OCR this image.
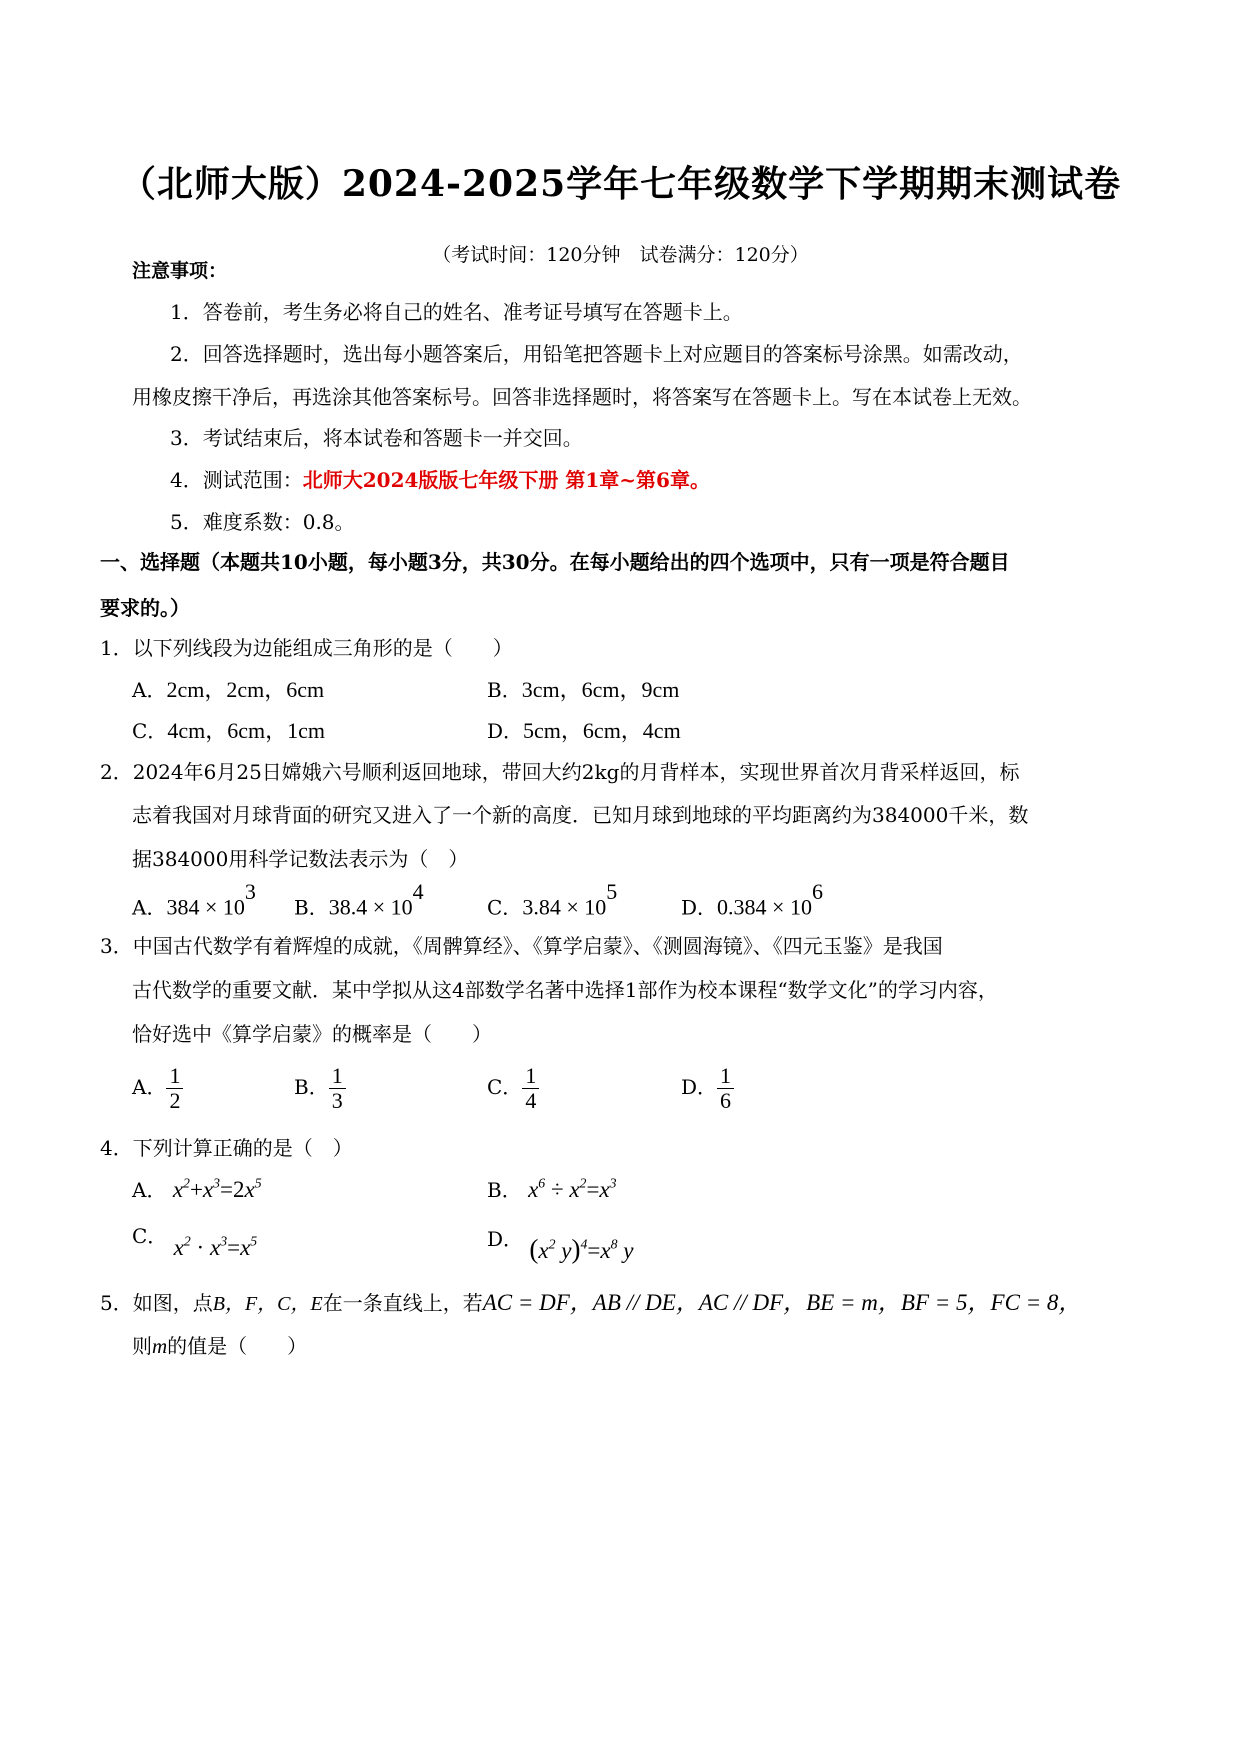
（北师大版）2024-2025学年七年级数学下学期期末测试卷
（考试时间：120分钟　试卷满分：120分）
注意事项：
1．答卷前，考生务必将自己的姓名、准考证号填写在答题卡上。
2．回答选择题时，选出每小题答案后，用铅笔把答题卡上对应题目的答案标号涂黑。如需改动，
用橡皮擦干净后，再选涂其他答案标号。回答非选择题时，将答案写在答题卡上。写在本试卷上无效。
3．考试结束后，将本试卷和答题卡一并交回。
4．测试范围：北师大2024版版七年级下册 第1章~第6章。
5．难度系数：0.8。
一、选择题（本题共10小题，每小题3分，共30分。在每小题给出的四个选项中，只有一项是符合题目
要求的。）
1．以下列线段为边能组成三角形的是（　　）
A．2cm，2cm，6cm	B．3cm，6cm，9cm
C．4cm，6cm，1cm	D．5cm，6cm，4cm
2．2024年6月25日嫦娥六号顺利返回地球，带回大约2kg的月背样本，实现世界首次月背采样返回，标
志着我国对月球背面的研究又进入了一个新的高度．已知月球到地球的平均距离约为384000千米，数
据384000用科学记数法表示为（　）
A．$384 \times 10^3$
B．$38.4 \times 10^4$
C．$3.84 \times 10^5$
D．$0.384 \times 10^6$
3．中国古代数学有着辉煌的成就，《周髀算经》、《算学启蒙》、《测圆海镜》、《四元玉鉴》是我国
古代数学的重要文献．某中学拟从这4部数学名著中选择1部作为校本课程“数学文化”的学习内容，
恰好选中《算学启蒙》的概率是（　　）
A． $\frac{1}{2}$	B． $\frac{1}{3}$	C． $\frac{1}{4}$	D． $\frac{1}{6}$
4．下列计算正确的是（　）
A． $x^2+x^3=2x^5$	B． $x^6 \div x^2=x^3$
C． $x^2 \cdot x^3=x^5$	D． ($x^2$ $y)^4=x^8$ y
5．如图，点B，F，C，E在一条直线上，若AC = DF，AB // DE，AC // DF，BE = m，BF = 5，FC = 8，
则m的值是（　　）
